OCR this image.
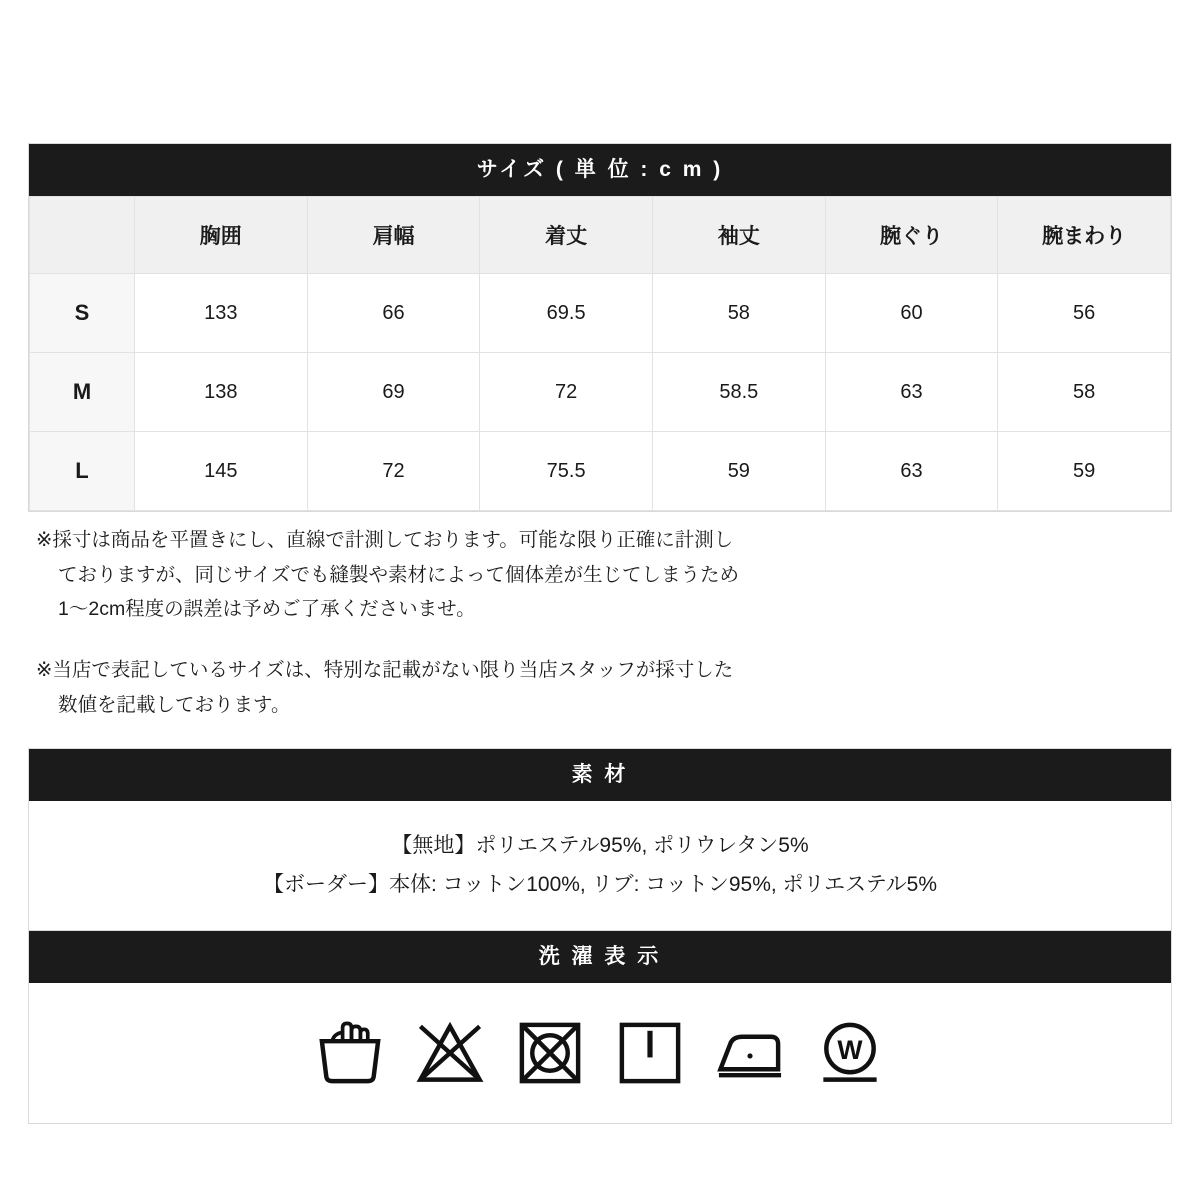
サイズ ( 単 位 : c m )
	胸囲	肩幅	着丈	袖丈	腕ぐり	腕まわり
S	133	66	69.5	58	60	56
M	138	69	72	58.5	63	58
L	145	72	75.5	59	63	59

※採寸は商品を平置きにし、直線で計測しております。可能な限り正確に計測し
ておりますが、同じサイズでも縫製や素材によって個体差が生じてしまうため
1〜2cm程度の誤差は予めご了承くださいませ。

※当店で表記しているサイズは、特別な記載がない限り当店スタッフが採寸した
数値を記載しております。

素 材
【無地】ポリエステル95%, ポリウレタン5%
【ボーダー】本体: コットン100%, リブ: コットン95%, ポリエステル5%
洗 濯 表 示
W
